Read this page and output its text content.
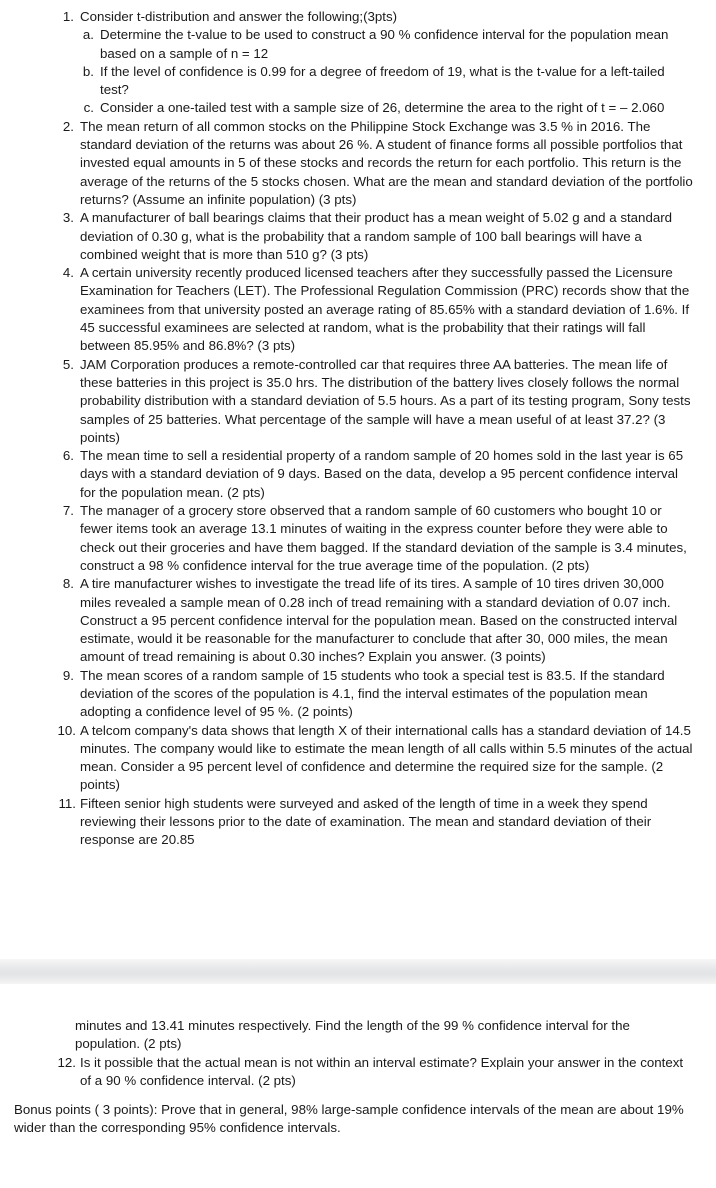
1. Consider t-distribution and answer the following;(3pts)
a. Determine the t-value to be used to construct a 90 % confidence interval for the population mean based on a sample of n = 12
b. If the level of confidence is 0.99 for a degree of freedom of 19, what is the t-value for a left-tailed test?
c. Consider a one-tailed test with a sample size of 26, determine the area to the right of t = – 2.060
2. The mean return of all common stocks on the Philippine Stock Exchange was 3.5 % in 2016. The standard deviation of the returns was about 26 %. A student of finance forms all possible portfolios that invested equal amounts in 5 of these stocks and records the return for each portfolio. This return is the average of the returns of the 5 stocks chosen. What are the mean and standard deviation of the portfolio returns? (Assume an infinite population) (3 pts)
3. A manufacturer of ball bearings claims that their product has a mean weight of 5.02 g and a standard deviation of 0.30 g, what is the probability that a random sample of 100 ball bearings will have a combined weight that is more than 510 g? (3 pts)
4. A certain university recently produced licensed teachers after they successfully passed the Licensure Examination for Teachers (LET). The Professional Regulation Commission (PRC) records show that the examinees from that university posted an average rating of 85.65% with a standard deviation of 1.6%. If 45 successful examinees are selected at random, what is the probability that their ratings will fall between 85.95% and 86.8%? (3 pts)
5. JAM Corporation produces a remote-controlled car that requires three AA batteries. The mean life of these batteries in this project is 35.0 hrs. The distribution of the battery lives closely follows the normal probability distribution with a standard deviation of 5.5 hours. As a part of its testing program, Sony tests samples of 25 batteries. What percentage of the sample will have a mean useful of at least 37.2? (3 points)
6. The mean time to sell a residential property of a random sample of 20 homes sold in the last year is 65 days with a standard deviation of 9 days. Based on the data, develop a 95 percent confidence interval for the population mean. (2 pts)
7. The manager of a grocery store observed that a random sample of 60 customers who bought 10 or fewer items took an average 13.1 minutes of waiting in the express counter before they were able to check out their groceries and have them bagged. If the standard deviation of the sample is 3.4 minutes, construct a 98 % confidence interval for the true average time of the population. (2 pts)
8. A tire manufacturer wishes to investigate the tread life of its tires. A sample of 10 tires driven 30,000 miles revealed a sample mean of 0.28 inch of tread remaining with a standard deviation of 0.07 inch. Construct a 95 percent confidence interval for the population mean. Based on the constructed interval estimate, would it be reasonable for the manufacturer to conclude that after 30, 000 miles, the mean amount of tread remaining is about 0.30 inches? Explain you answer. (3 points)
9. The mean scores of a random sample of 15 students who took a special test is 83.5. If the standard deviation of the scores of the population is 4.1, find the interval estimates of the population mean adopting a confidence level of 95 %. (2 points)
10. A telcom company's data shows that length X of their international calls has a standard deviation of 14.5 minutes. The company would like to estimate the mean length of all calls within 5.5 minutes of the actual mean. Consider a 95 percent level of confidence and determine the required size for the sample. (2 points)
11. Fifteen senior high students were surveyed and asked of the length of time in a week they spend reviewing their lessons prior to the date of examination. The mean and standard deviation of their response are 20.85
minutes and 13.41 minutes respectively. Find the length of the 99 % confidence interval for the population. (2 pts)
12. Is it possible that the actual mean is not within an interval estimate? Explain your answer in the context of a 90 % confidence interval. (2 pts)
Bonus points ( 3 points): Prove that in general, 98% large-sample confidence intervals of the mean are about 19% wider than the corresponding 95% confidence intervals.
